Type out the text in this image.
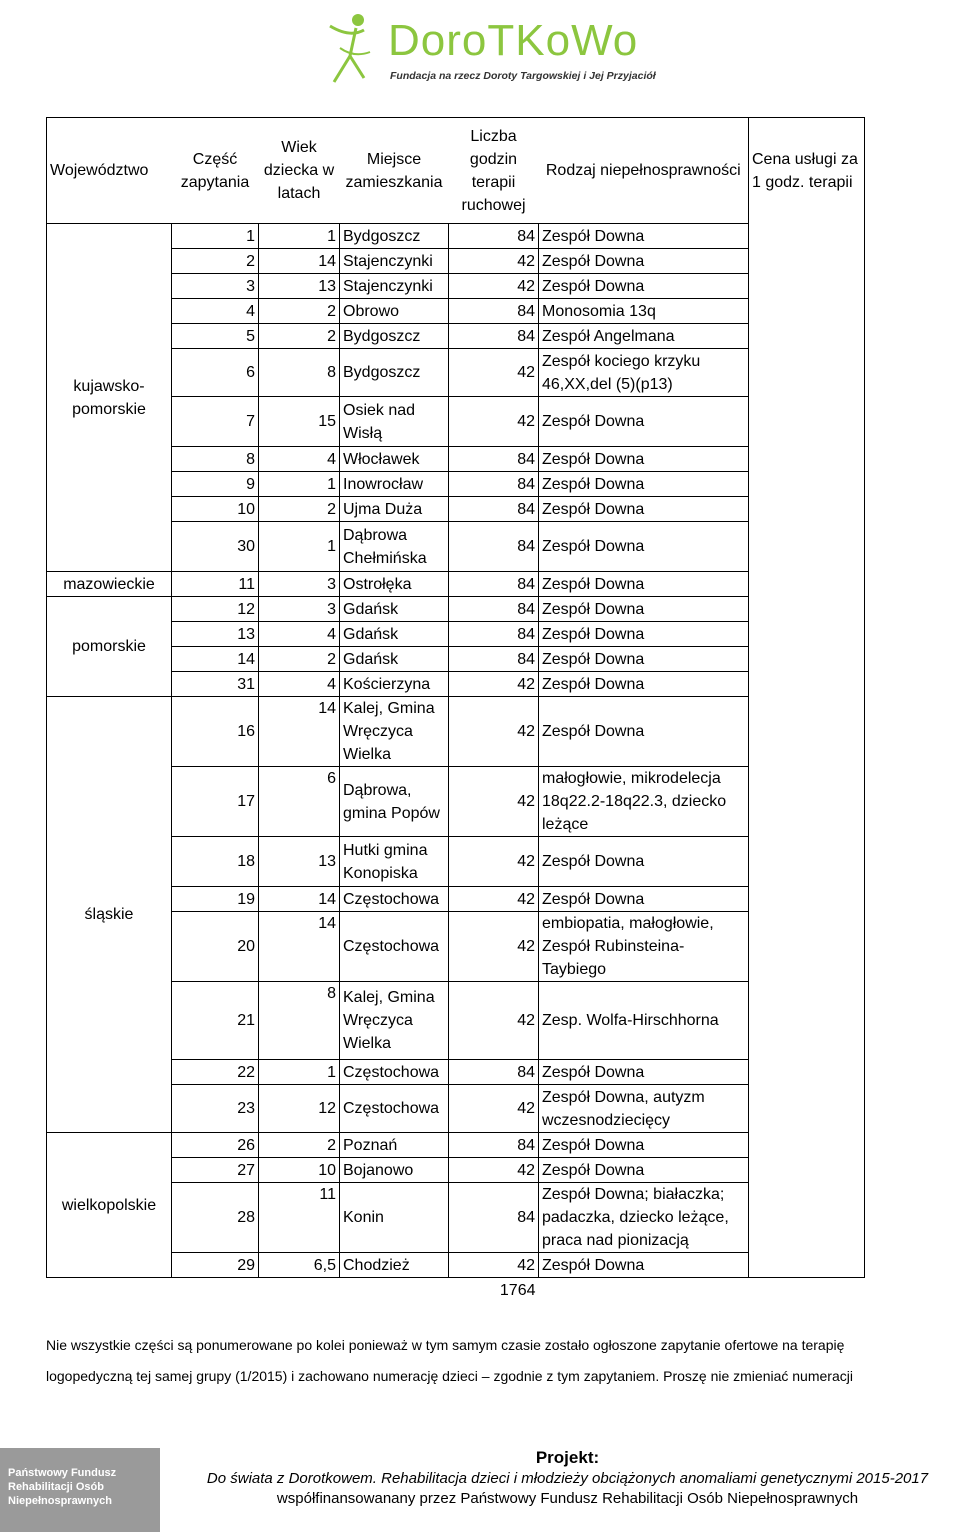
DoroTKoWo
Fundacja na rzecz Doroty Targowskiej i Jej Przyjaciół
Województwo	Część zapytania	Wiek dziecka w latach	Miejsce zamieszkania	Liczba godzin terapii ruchowej	Rodzaj niepełnosprawności	Cena usługi za 1 godz. terapii
kujawsko-pomorskie	1	1	Bydgoszcz	84	Zespół Downa	
	2	14	Stajenczynki	42	Zespół Downa	
	3	13	Stajenczynki	42	Zespół Downa	
	4	2	Obrowo	84	Monosomia 13q	
	5	2	Bydgoszcz	84	Zespół Angelmana	
	6	8	Bydgoszcz	42	Zespół kociego krzyku 46,XX,del (5)(p13)	
	7	15	Osiek nad Wisłą	42	Zespół Downa	
	8	4	Włocławek	84	Zespół Downa	
	9	1	Inowrocław	84	Zespół Downa	
	10	2	Ujma Duża	84	Zespół Downa	
	30	1	Dąbrowa Chełmińska	84	Zespół Downa	
mazowieckie	11	3	Ostrołęka	84	Zespół Downa	
pomorskie	12	3	Gdańsk	84	Zespół Downa	
	13	4	Gdańsk	84	Zespół Downa	
	14	2	Gdańsk	84	Zespół Downa	
	31	4	Kościerzyna	42	Zespół Downa	
śląskie	16	14	Kalej, Gmina Wręczyca Wielka	42	Zespół Downa	
	17	6	Dąbrowa, gmina Popów	42	małogłowie, mikrodelecja 18q22.2-18q22.3, dziecko leżące	
	18	13	Hutki gmina Konopiska	42	Zespół Downa	
	19	14	Częstochowa	42	Zespół Downa	
	20	14	Częstochowa	42	embiopatia, małogłowie, Zespół Rubinsteina-Taybiego	
	21	8	Kalej, Gmina Wręczyca Wielka	42	Zesp. Wolfa-Hirschhorna	
	22	1	Częstochowa	84	Zespół Downa	
	23	12	Częstochowa	42	Zespół Downa, autyzm wczesnodziecięcy	
wielkopolskie	26	2	Poznań	84	Zespół Downa	
	27	10	Bojanowo	42	Zespół Downa	
	28	11	Konin	84	Zespół Downa; białaczka; padaczka, dziecko leżące, praca nad pionizacją	
	29	6,5	Chodzież	42	Zespół Downa	
				1764		
Nie wszystkie części są ponumerowane po kolei ponieważ w tym samym czasie zostało ogłoszone zapytanie ofertowe na terapię logopedyczną tej samej grupy (1/2015) i zachowano numerację dzieci – zgodnie z tym zapytaniem. Proszę nie zmieniać numeracji
Państwowy Fundusz
Rehabilitacji Osób
Niepełnosprawnych
Projekt:
Do świata z Dorotkowem. Rehabilitacja dzieci i młodzieży obciążonych anomaliami genetycznymi 2015-2017
współfinansowanany przez Państwowy Fundusz Rehabilitacji Osób Niepełnosprawnych
